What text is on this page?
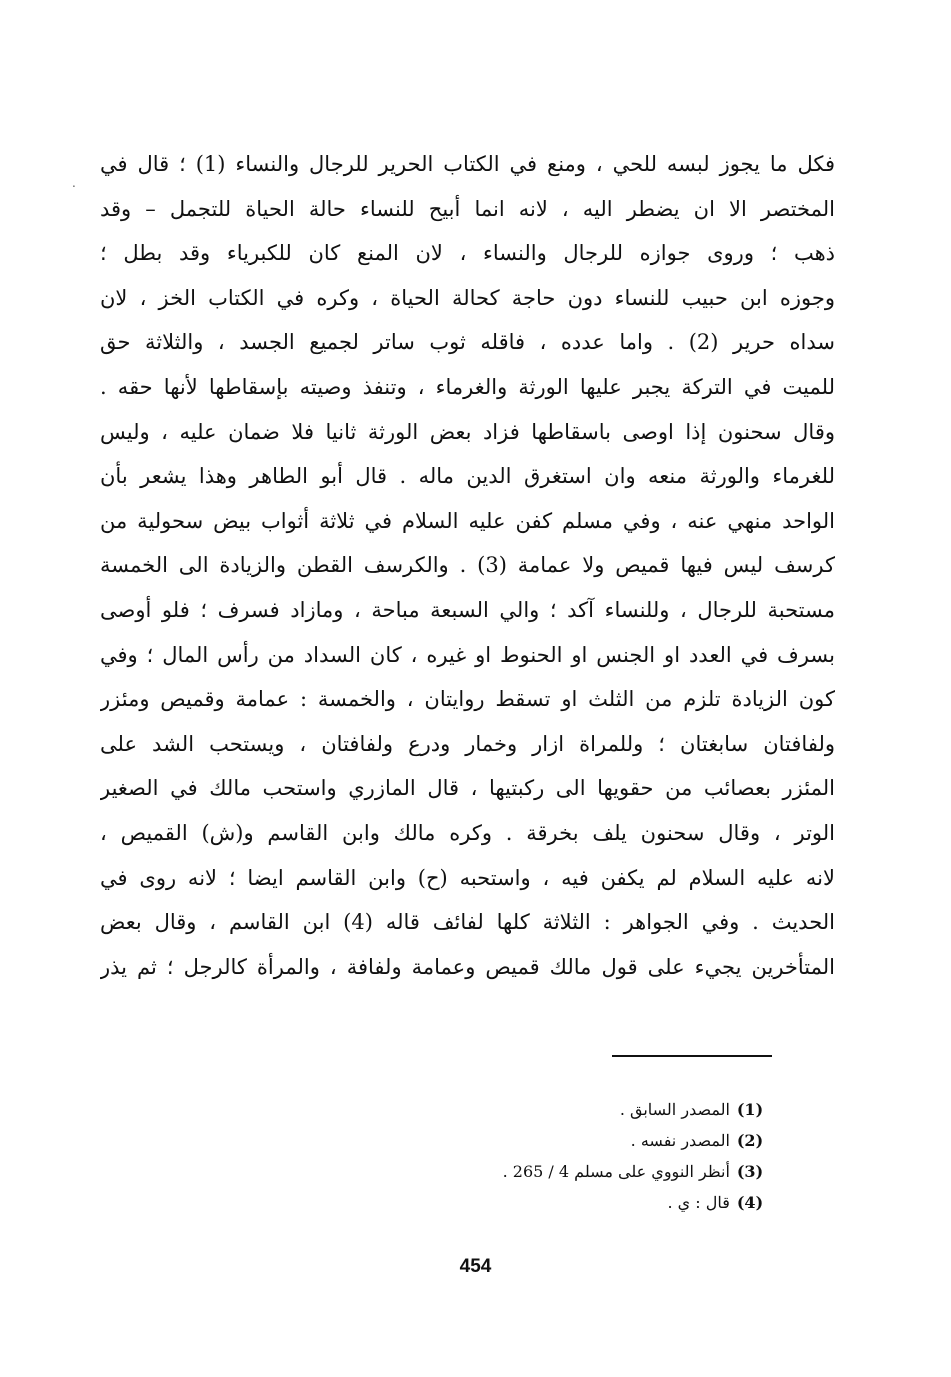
.
فكل ما يجوز لبسه للحي ، ومنع في الكتاب الحرير للرجال والنساء (1) ؛ قال في
المختصر الا ان يضطر اليه ، لانه انما أبيح للنساء حالة الحياة للتجمل – وقد
ذهب ؛ وروى جوازه للرجال والنساء ، لان المنع كان للكبرياء وقد بطل ؛
وجوزه ابن حبيب للنساء دون حاجة كحالة الحياة ، وكره في الكتاب الخز ، لان
سداه حرير (2) . واما عدده ، فاقله ثوب ساتر لجميع الجسد ، والثلاثة حق
للميت في التركة يجبر عليها الورثة والغرماء ، وتنفذ وصيته بإسقاطها لأنها حقه .
وقال سحنون إذا اوصى باسقاطها فزاد بعض الورثة ثانيا فلا ضمان عليه ، وليس
للغرماء والورثة منعه وان استغرق الدين ماله . قال أبو الطاهر وهذا يشعر بأن
الواحد منهي عنه ، وفي مسلم كفن عليه السلام في ثلاثة أثواب بيض سحولية من
كرسف ليس فيها قميص ولا عمامة (3) . والكرسف القطن والزيادة الى الخمسة
مستحبة للرجال ، وللنساء آكد ؛ والي السبعة مباحة ، ومازاد فسرف ؛ فلو أوصى
بسرف في العدد او الجنس او الحنوط او غيره ، كان السداد من رأس المال ؛ وفي
كون الزيادة تلزم من الثلث او تسقط روايتان ، والخمسة : عمامة وقميص ومئزر
ولفافتان سابغتان ؛ وللمراة ازار وخمار ودرع ولفافتان ، ويستحب الشد على
المئزر بعصائب من حقويها الى ركبتيها ، قال المازري واستحب مالك في الصغير
الوتر ، وقال سحنون يلف بخرقة . وكره مالك وابن القاسم و(ش) القميص ،
لانه عليه السلام لم يكفن فيه ، واستحبه (ح) وابن القاسم ايضا ؛ لانه روى في
الحديث . وفي الجواهر : الثلاثة كلها لفائف قاله (4) ابن القاسم ، وقال بعض
المتأخرين يجيء على قول مالك قميص وعمامة ولفافة ، والمرأة كالرجل ؛ ثم يذر
(1) المصدر السابق .
(2) المصدر نفسه .
(3) أنظر النووي على مسلم 4 / 265 .
(4) قال : ي .
454
